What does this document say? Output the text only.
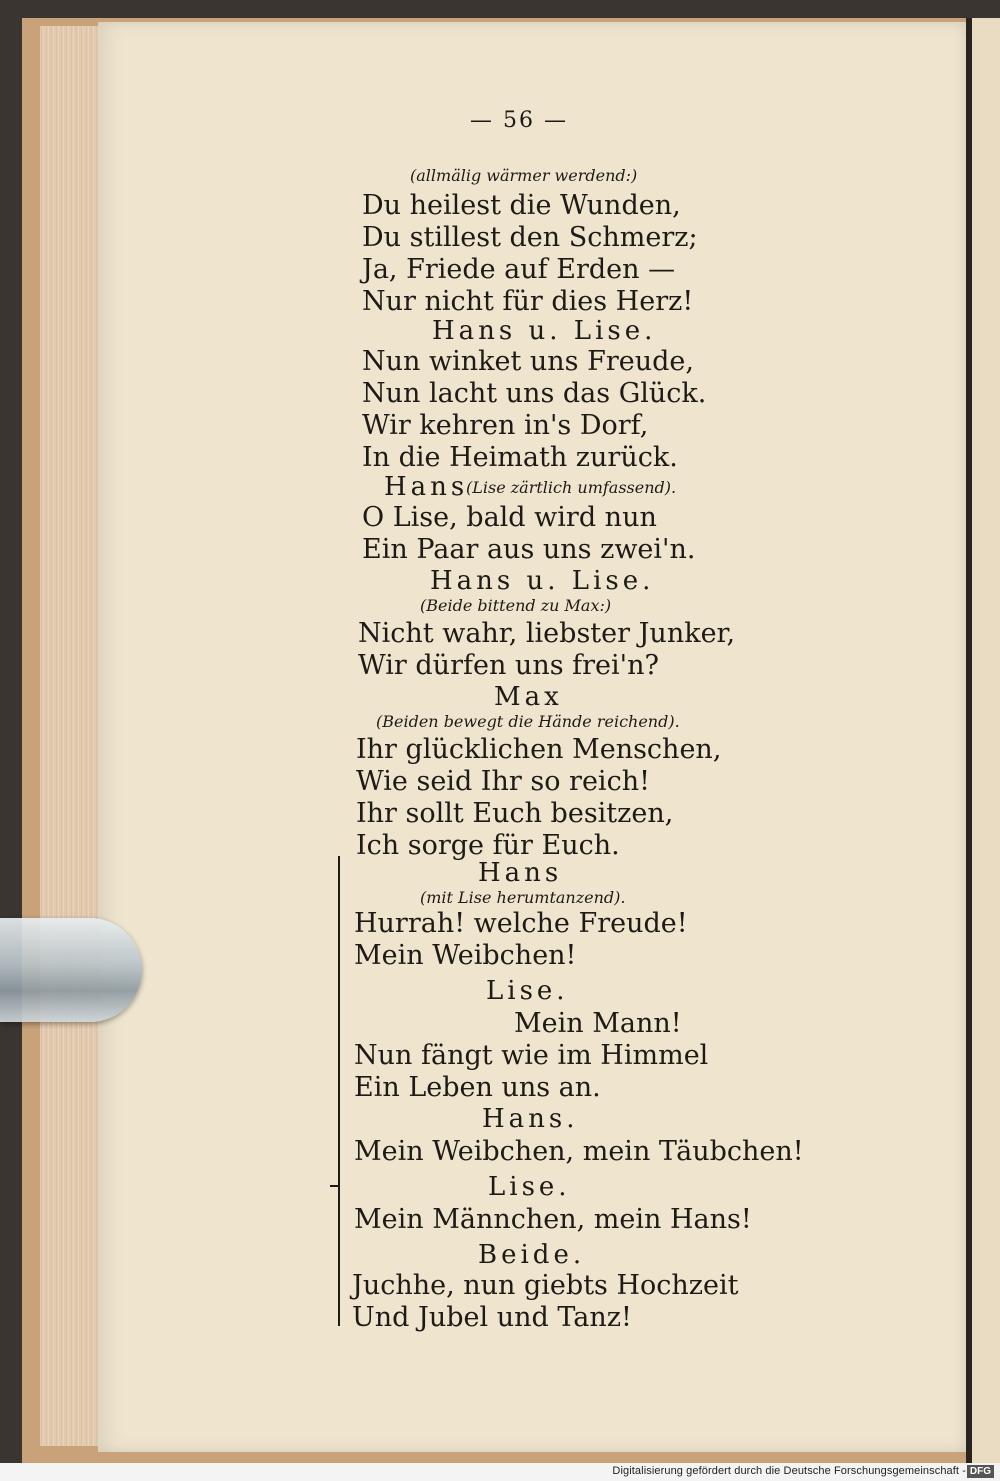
— 56 —
(allmälig wärmer werdend:)
Du heilest die Wunden,
Du stillest den Schmerz;
Ja, Friede auf Erden —
Nur nicht für dies Herz!
Hans u. Lise.
Nun winket uns Freude,
Nun lacht uns das Glück.
Wir kehren in's Dorf,
In die Heimath zurück.
Hans
(Lise zärtlich umfassend).
O Lise, bald wird nun
Ein Paar aus uns zwei'n.
Hans u. Lise.
(Beide bittend zu Max:)
Nicht wahr, liebster Junker,
Wir dürfen uns frei'n?
Max
(Beiden bewegt die Hände reichend).
Ihr glücklichen Menschen,
Wie seid Ihr so reich!
Ihr sollt Euch besitzen,
Ich sorge für Euch.
Hans
(mit Lise herumtanzend).
Hurrah! welche Freude!
Mein Weibchen!
Lise.
Mein Mann!
Nun fängt wie im Himmel
Ein Leben uns an.
Hans.
Mein Weibchen, mein Täubchen!
Lise.
Mein Männchen, mein Hans!
Beide.
Juchhe, nun giebts Hochzeit
Und Jubel und Tanz!
Digitalisierung gefördert durch die Deutsche Forschungsgemeinschaft - DFG
